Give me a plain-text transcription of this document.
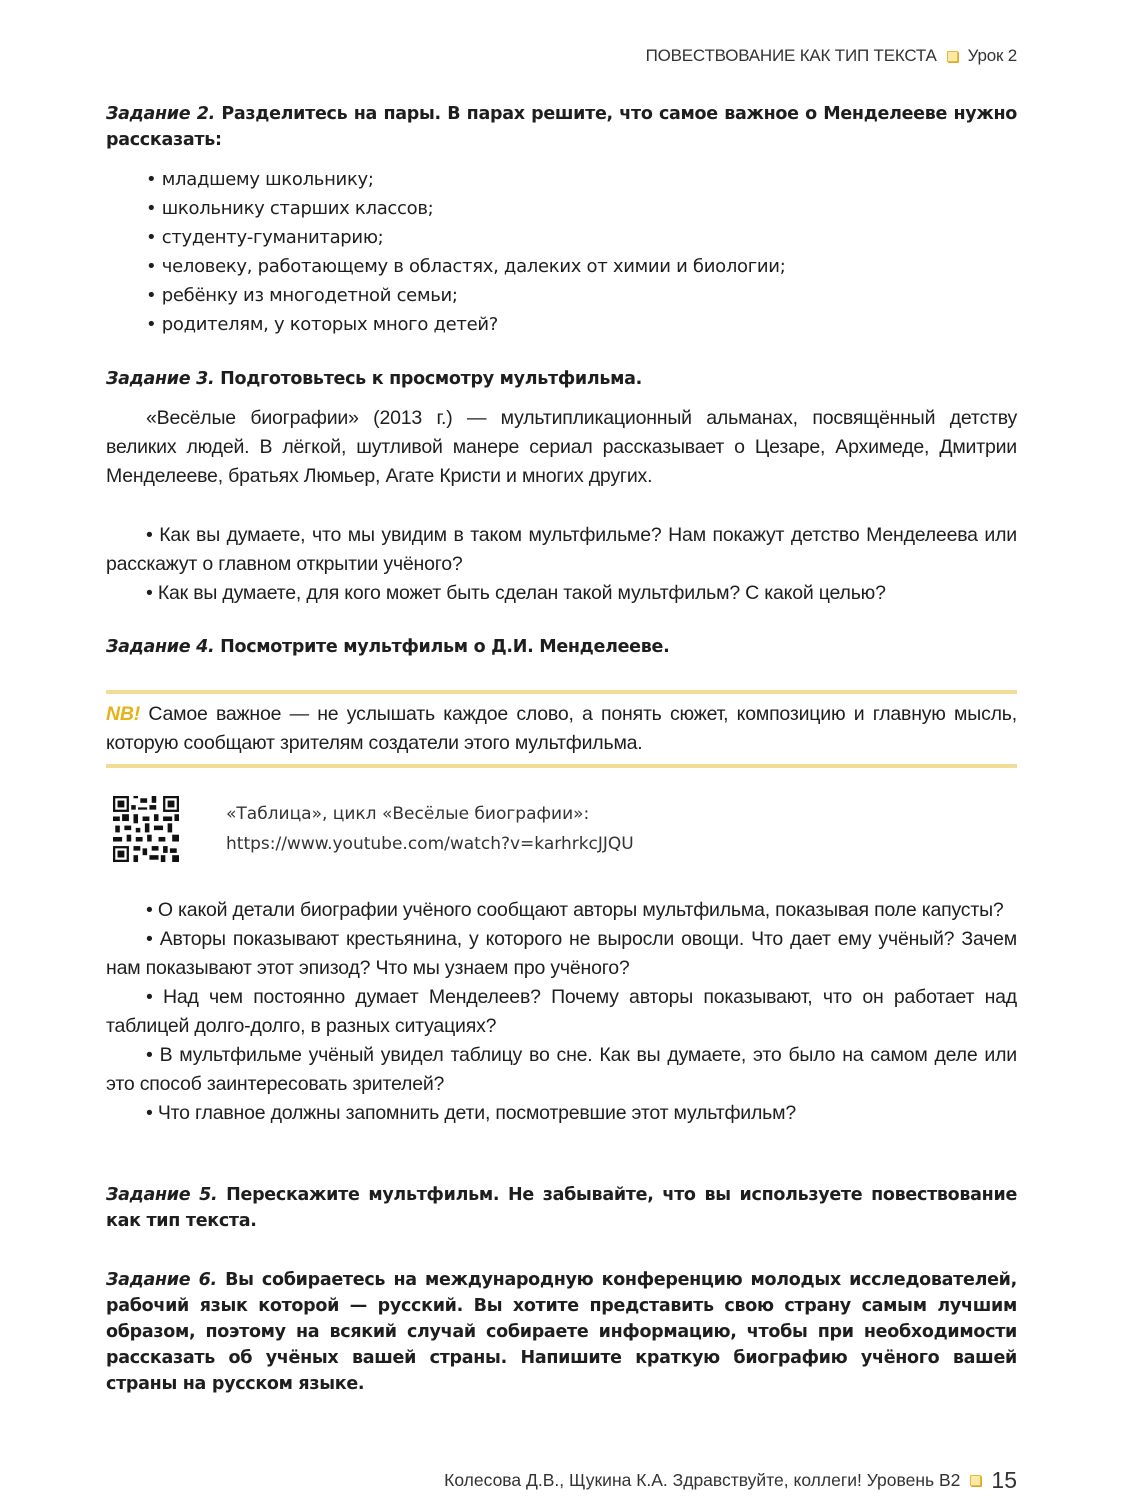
ПОВЕСТВОВАНИЕ КАК ТИП ТЕКСТА Урок 2
Задание 2. Разделитесь на пары. В парах решите, что самое важное о Менделееве нужно рассказать:
• младшему школьнику;
• школьнику старших классов;
• студенту-гуманитарию;
• человеку, работающему в областях, далеких от химии и биологии;
• ребёнку из многодетной семьи;
• родителям, у которых много детей?
Задание 3. Подготовьтесь к просмотру мультфильма.
«Весёлые биографии» (2013 г.) — мультипликационный альманах, посвящённый детству великих людей. В лёгкой, шутливой манере сериал рассказывает о Цезаре, Архимеде, Дмитрии Менделееве, братьях Люмьер, Агате Кристи и многих других.
• Как вы думаете, что мы увидим в таком мультфильме? Нам покажут детство Менделеева или расскажут о главном открытии учёного?
• Как вы думаете, для кого может быть сделан такой мультфильм? С какой целью?
Задание 4. Посмотрите мультфильм о Д.И. Менделееве.
NB! Самое важное — не услышать каждое слово, а понять сюжет, композицию и главную мысль, которую сообщают зрителям создатели этого мультфильма.
«Таблица», цикл «Весёлые биографии»:
https://www.youtube.com/watch?v=karhrkcJJQU
• О какой детали биографии учёного сообщают авторы мультфильма, показывая поле капусты?
• Авторы показывают крестьянина, у которого не выросли овощи. Что дает ему учёный? Зачем нам показывают этот эпизод? Что мы узнаем про учёного?
• Над чем постоянно думает Менделеев? Почему авторы показывают, что он работает над таблицей долго-долго, в разных ситуациях?
• В мультфильме учёный увидел таблицу во сне. Как вы думаете, это было на самом деле или это способ заинтересовать зрителей?
• Что главное должны запомнить дети, посмотревшие этот мультфильм?
Задание 5. Перескажите мультфильм. Не забывайте, что вы используете повествование как тип текста.
Задание 6. Вы собираетесь на международную конференцию молодых исследователей, рабочий язык которой — русский. Вы хотите представить свою страну самым лучшим образом, поэтому на всякий случай собираете информацию, чтобы при необходимости рассказать об учёных вашей страны. Напишите краткую биографию учёного вашей страны на русском языке.
Колесова Д.В., Щукина К.А. Здравствуйте, коллеги! Уровень В2 15
